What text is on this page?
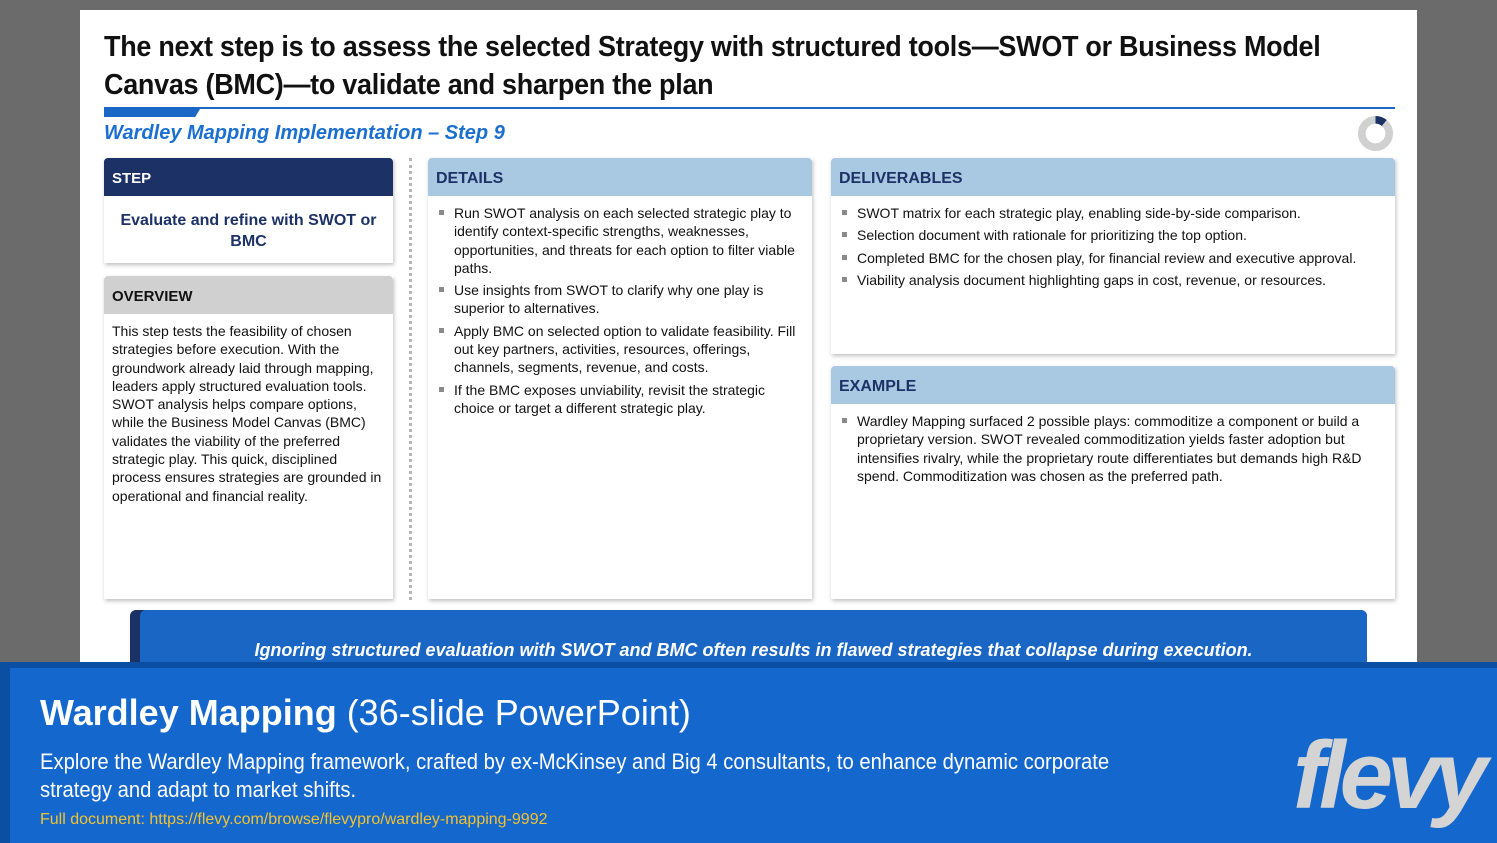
The next step is to assess the selected Strategy with structured tools—SWOT or Business Model
Canvas (BMC)—to validate and sharpen the plan
Wardley Mapping Implementation – Step 9
STEP
Evaluate and refine with SWOT or BMC
OVERVIEW
This step tests the feasibility of chosen strategies before execution. With the groundwork already laid through mapping, leaders apply structured evaluation tools. SWOT analysis helps compare options, while the Business Model Canvas (BMC) validates the viability of the preferred strategic play. This quick, disciplined process ensures strategies are grounded in operational and financial reality.
DETAILS
Run SWOT analysis on each selected strategic play to identify context-specific strengths, weaknesses, opportunities, and threats for each option to filter viable paths.
Use insights from SWOT to clarify why one play is superior to alternatives.
Apply BMC on selected option to validate feasibility. Fill out key partners, activities, resources, offerings, channels, segments, revenue, and costs.
If the BMC exposes unviability, revisit the strategic choice or target a different strategic play.
DELIVERABLES
SWOT matrix for each strategic play, enabling side-by-side comparison.
Selection document with rationale for prioritizing the top option.
Completed BMC for the chosen play, for financial review and executive approval.
Viability analysis document highlighting gaps in cost, revenue, or resources.
EXAMPLE
Wardley Mapping surfaced 2 possible plays: commoditize a component or build a proprietary version. SWOT revealed commoditization yields faster adoption but intensifies rivalry, while the proprietary route differentiates but demands high R&D spend. Commoditization was chosen as the preferred path.
Ignoring structured evaluation with SWOT and BMC often results in flawed strategies that collapse during execution.
Wardley Mapping (36-slide PowerPoint)
Explore the Wardley Mapping framework, crafted by ex-McKinsey and Big 4 consultants, to enhance dynamic corporate
strategy and adapt to market shifts.
Full document: https://flevy.com/browse/flevypro/wardley-mapping-9992	flevy
